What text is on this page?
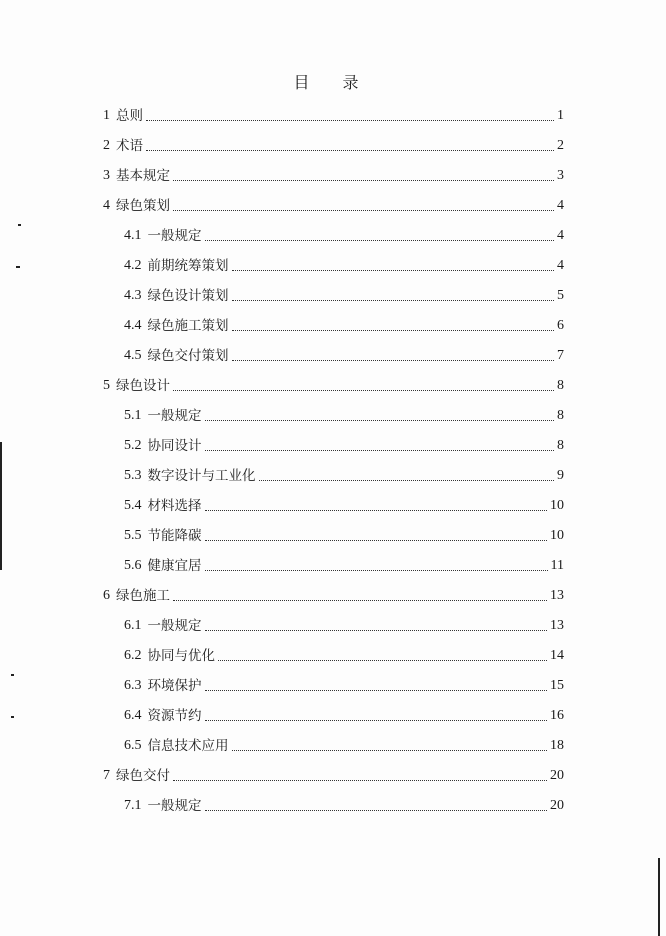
目 录
1 总则	1
2 术语	2
3 基本规定	3
4 绿色策划	4
4.1 一般规定	4
4.2 前期统筹策划	4
4.3 绿色设计策划	5
4.4 绿色施工策划	6
4.5 绿色交付策划	7
5 绿色设计	8
5.1 一般规定	8
5.2 协同设计	8
5.3 数字设计与工业化	9
5.4 材料选择	10
5.5 节能降碳	10
5.6 健康宜居	11
6 绿色施工	13
6.1 一般规定	13
6.2 协同与优化	14
6.3 环境保护	15
6.4 资源节约	16
6.5 信息技术应用	18
7 绿色交付	20
7.1 一般规定	20
